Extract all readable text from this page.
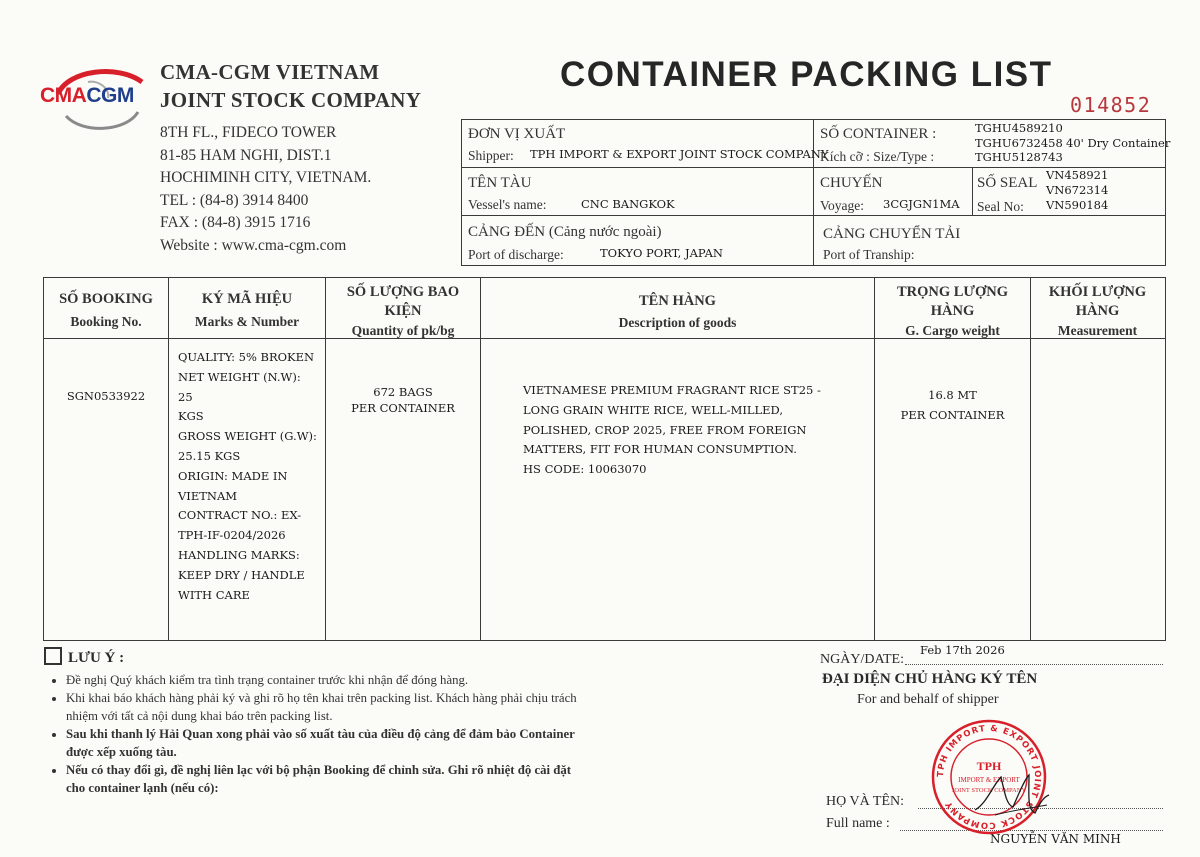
CMACGM
CMA-CGM VIETNAM
JOINT STOCK COMPANY
8TH FL., FIDECO TOWER
81-85 HAM NGHI, DIST.1
HOCHIMINH CITY, VIETNAM.
TEL : (84-8) 3914 8400
FAX : (84-8) 3915 1716
Website : www.cma-cgm.com
CONTAINER PACKING LIST
014852
ĐƠN VỊ XUẤT
Shipper: TPH IMPORT & EXPORT JOINT STOCK COMPANY
SỐ CONTAINER :
Kích cỡ : Size/Type :
TGHU4589210
TGHU6732458
TGHU5128743
40' Dry Container
TÊN TÀU
Vessel's name:	CNC BANGKOK
CHUYẾN
Voyage: 3CGJGN1MA
SỐ SEAL
Seal No:
VN458921
VN672314
VN590184
CẢNG ĐẾN (Cảng nước ngoài)
Port of discharge:	TOKYO PORT, JAPAN
CẢNG CHUYỂN TẢI
Port of Tranship:
SỐ BOOKING
Booking No.
KÝ MÃ HIỆU
Marks & Number
SỐ LƯỢNG BAO KIỆN
Quantity of pk/bg
TÊN HÀNG
Description of goods
TRỌNG LƯỢNG HÀNG
G. Cargo weight
KHỐI LƯỢNG HÀNG
Measurement
SGN0533922
QUALITY: 5% BROKEN
NET WEIGHT (N.W): 25
KGS
GROSS WEIGHT (G.W):
25.15 KGS
ORIGIN: MADE IN
VIETNAM
CONTRACT NO.: EX-
TPH-IF-0204/2026
HANDLING MARKS:
KEEP DRY / HANDLE
WITH CARE
672 BAGS
PER CONTAINER
VIETNAMESE PREMIUM FRAGRANT RICE ST25 -
LONG GRAIN WHITE RICE, WELL-MILLED,
POLISHED, CROP 2025, FREE FROM FOREIGN
MATTERS, FIT FOR HUMAN CONSUMPTION.
HS CODE: 10063070
16.8 MT
PER CONTAINER
LƯU Ý :
• Đề nghị Quý khách kiểm tra tình trạng container trước khi nhận để đóng hàng.
• Khi khai báo khách hàng phải ký và ghi rõ họ tên khai trên packing list. Khách hàng phải chịu trách nhiệm với tất cả nội dung khai báo trên packing list.
• Sau khi thanh lý Hải Quan xong phải vào số xuất tàu của điều độ cảng để đảm bảo Container được xếp xuống tàu.
• Nếu có thay đổi gì, đề nghị liên lạc với bộ phận Booking để chỉnh sửa. Ghi rõ nhiệt độ cài đặt cho container lạnh (nếu có):
NGÀY/DATE:
Feb 17th 2026
ĐẠI DIỆN CHỦ HÀNG KÝ TÊN
For and behalf of shipper
HỌ VÀ TÊN:
Full name :
NGUYỄN VĂN MINH
TPH IMPORT & EXPORT JOINT STOCK COMPANY
TPH
IMPORT & EXPORT
JOINT STOCK COMPANY
